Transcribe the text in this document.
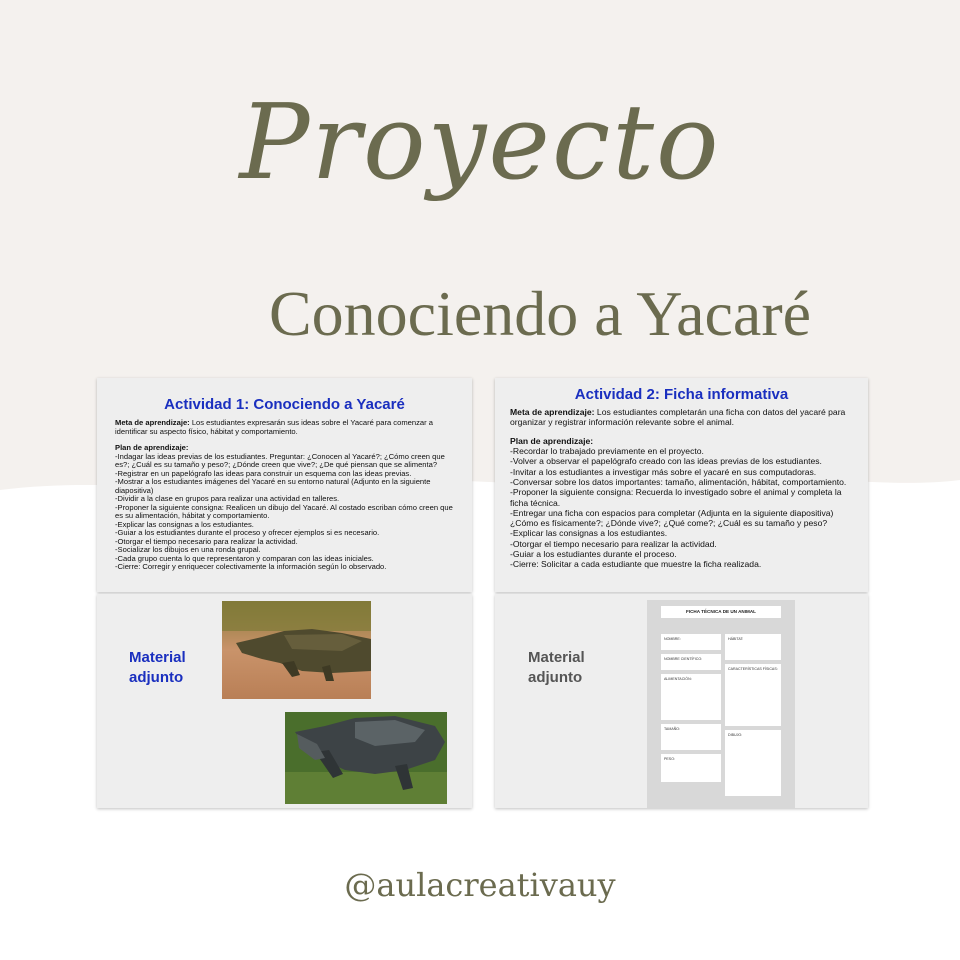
Proyecto
Conociendo a Yacaré
Actividad 1: Conociendo a Yacaré

Meta de aprendizaje: Los estudiantes expresarán sus ideas sobre el Yacaré para comenzar a identificar su aspecto físico, hábitat y comportamiento.

Plan de aprendizaje:

-Indagar las ideas previas de los estudiantes. Preguntar: ¿Conocen al Yacaré?; ¿Cómo creen que es?; ¿Cuál es su tamaño y peso?; ¿Dónde creen que vive?; ¿De qué piensan que se alimenta?

-Registrar en un papelógrafo las ideas para construir un esquema con las ideas previas.

-Mostrar a los estudiantes imágenes del Yacaré en su entorno natural (Adjunto en la siguiente diapositiva)

-Dividir a la clase en grupos para realizar una actividad en talleres.

-Proponer la siguiente consigna: Realicen un dibujo del Yacaré. Al costado escriban cómo creen que es su alimentación, hábitat y comportamiento.

-Explicar las consignas a los estudiantes.

-Guiar a los estudiantes durante el proceso y ofrecer ejemplos si es necesario.

-Otorgar el tiempo necesario para realizar la actividad.

-Socializar los dibujos en una ronda grupal.

-Cada grupo cuenta lo que representaron y comparan con las ideas iniciales.

-Cierre: Corregir y enriquecer colectivamente la información según lo observado.

Material adjunto
Actividad 2: Ficha informativa

Meta de aprendizaje: Los estudiantes completarán una ficha con datos del yacaré para organizar y registrar información relevante sobre el animal.

Plan de aprendizaje:

-Recordar lo trabajado previamente en el proyecto.

-Volver a observar el papelógrafo creado con las ideas previas de los estudiantes.

-Invitar a los estudiantes a investigar más sobre el yacaré en sus computadoras.

-Conversar sobre los datos importantes: tamaño, alimentación, hábitat, comportamiento.

-Proponer la siguiente consigna: Recuerda lo investigado sobre el animal y completa la ficha técnica.

-Entregar una ficha con espacios para completar (Adjunta en la siguiente diapositiva) ¿Cómo es físicamente?; ¿Dónde vive?; ¿Qué come?; ¿Cuál es su tamaño y peso?

-Explicar las consignas a los estudiantes.

-Otorgar el tiempo necesario para realizar la actividad.

-Guiar a los estudiantes durante el proceso.

-Cierre: Solicitar a cada estudiante que muestre la ficha realizada.

Material adjunto
FICHA TÉCNICA DE UN ANIMAL
NOMBRE:	HÁBITAT:
NOMBRE CIENTÍFICO:
CARACTERÍSTICAS FÍSICAS:
ALIMENTACIÓN:
TAMAÑO:
DIBUJO:
PESO:
@aulacreativauy
